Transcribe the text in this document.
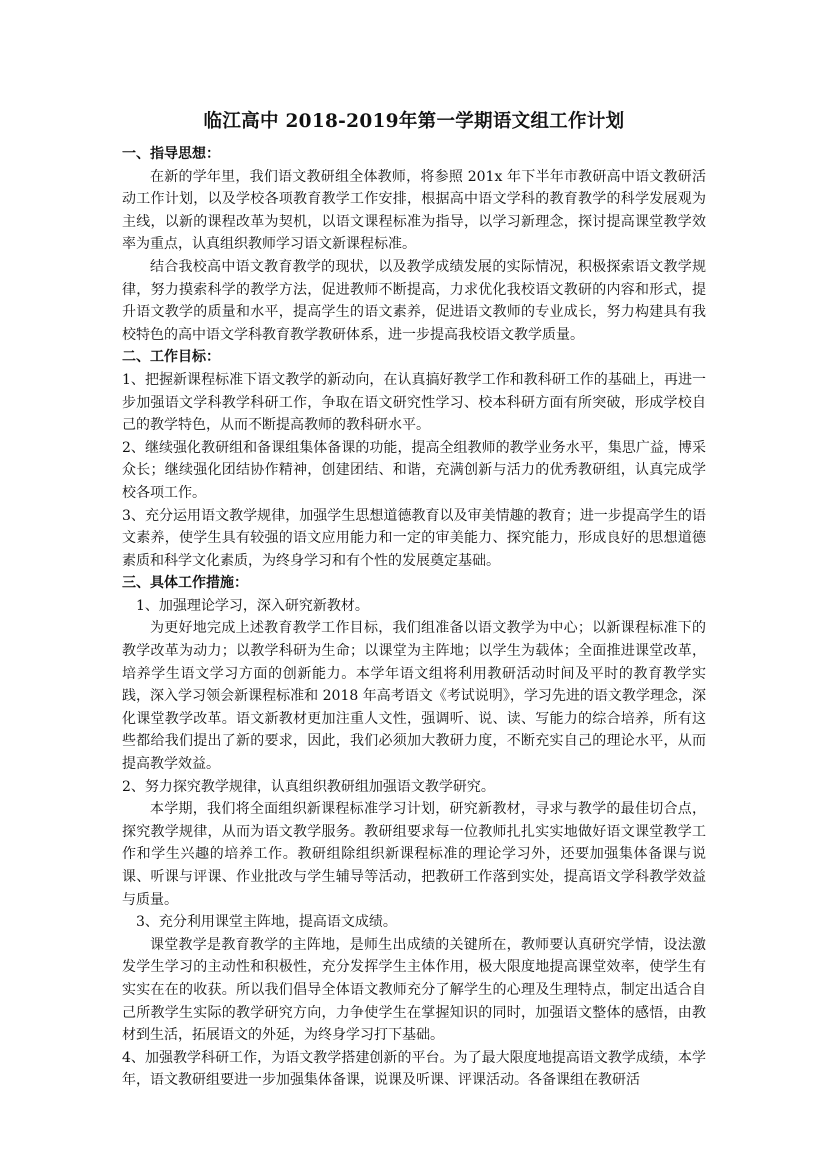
临江高中 2018-2019年第一学期语文组工作计划
一、指导思想：

在新的学年里，我们语文教研组全体教师，将参照 201x 年下半年市教研高中语文教研活动工作计划，以及学校各项教育教学工作安排，根据高中语文学科的教育教学的科学发展观为主线，以新的课程改革为契机，以语文课程标准为指导，以学习新理念，探讨提高课堂教学效率为重点，认真组织教师学习语文新课程标准。

结合我校高中语文教育教学的现状，以及教学成绩发展的实际情况，积极探索语文教学规律，努力摸索科学的教学方法，促进教师不断提高，力求优化我校语文教研的内容和形式，提升语文教学的质量和水平，提高学生的语文素养，促进语文教师的专业成长，努力构建具有我校特色的高中语文学科教育教学教研体系，进一步提高我校语文教学质量。

二、工作目标：

1、把握新课程标准下语文教学的新动向，在认真搞好教学工作和教科研工作的基础上，再进一步加强语文学科教学科研工作，争取在语文研究性学习、校本科研方面有所突破，形成学校自己的教学特色，从而不断提高教师的教科研水平。

2、继续强化教研组和备课组集体备课的功能，提高全组教师的教学业务水平，集思广益，博采众长；继续强化团结协作精神，创建团结、和谐，充满创新与活力的优秀教研组，认真完成学校各项工作。

3、充分运用语文教学规律，加强学生思想道德教育以及审美情趣的教育；进一步提高学生的语文素养，使学生具有较强的语文应用能力和一定的审美能力、探究能力，形成良好的思想道德素质和科学文化素质，为终身学习和有个性的发展奠定基础。

三、具体工作措施：

1、加强理论学习，深入研究新教材。

为更好地完成上述教育教学工作目标，我们组准备以语文教学为中心；以新课程标准下的教学改革为动力；以教学科研为生命；以课堂为主阵地；以学生为载体；全面推进课堂改革，培养学生语文学习方面的创新能力。本学年语文组将利用教研活动时间及平时的教育教学实践，深入学习领会新课程标准和 2018 年高考语文《考试说明》，学习先进的语文教学理念，深化课堂教学改革。语文新教材更加注重人文性，强调听、说、读、写能力的综合培养，所有这些都给我们提出了新的要求，因此，我们必须加大教研力度，不断充实自己的理论水平，从而提高教学效益。

2、努力探究教学规律，认真组织教研组加强语文教学研究。

本学期，我们将全面组织新课程标准学习计划，研究新教材，寻求与教学的最佳切合点，探究教学规律，从而为语文教学服务。教研组要求每一位教师扎扎实实地做好语文课堂教学工作和学生兴趣的培养工作。教研组除组织新课程标准的理论学习外，还要加强集体备课与说课、听课与评课、作业批改与学生辅导等活动，把教研工作落到实处，提高语文学科教学效益与质量。

3、充分利用课堂主阵地，提高语文成绩。

课堂教学是教育教学的主阵地，是师生出成绩的关键所在，教师要认真研究学情，设法激发学生学习的主动性和积极性，充分发挥学生主体作用，极大限度地提高课堂效率，使学生有实实在在的收获。所以我们倡导全体语文教师充分了解学生的心理及生理特点，制定出适合自己所教学生实际的教学研究方向，力争使学生在掌握知识的同时，加强语文整体的感悟，由教材到生活，拓展语文的外延，为终身学习打下基础。

4、加强教学科研工作，为语文教学搭建创新的平台。为了最大限度地提高语文教学成绩，本学年，语文教研组要进一步加强集体备课，说课及听课、评课活动。各备课组在教研活
